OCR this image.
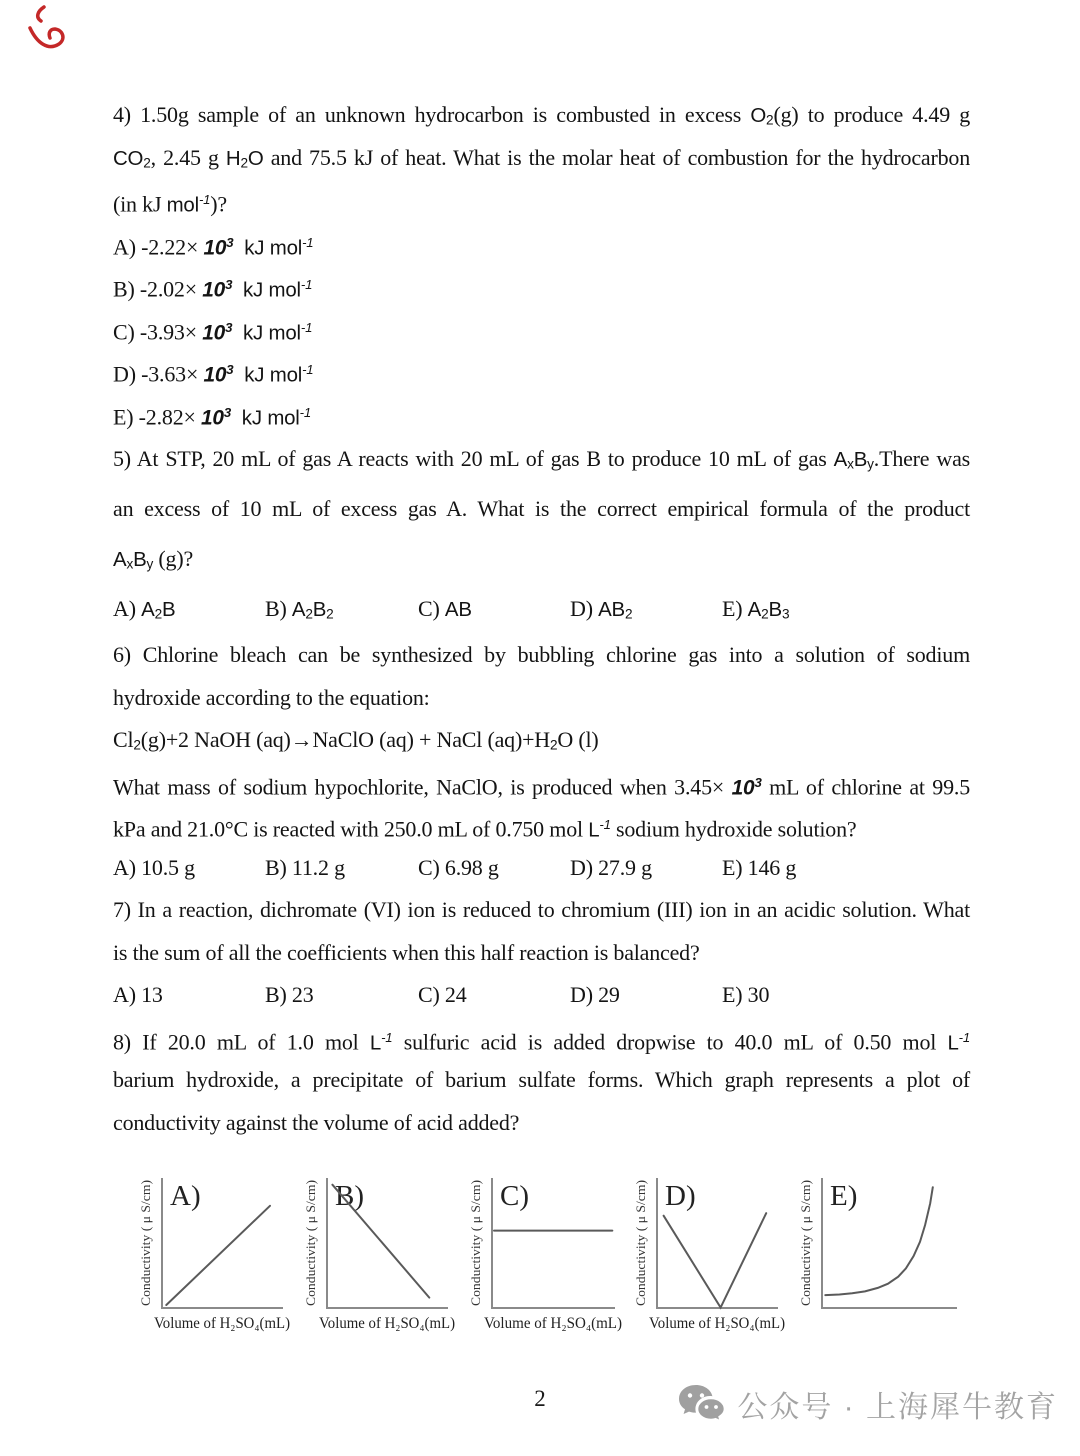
4) 1.50g sample of an unknown hydrocarbon is combusted in excess O2(g) to produce 4.49 g
CO2, 2.45 g H2O and 75.5 kJ of heat. What is the molar heat of combustion for the hydrocarbon
(in kJ mol$^{-1}$)?
A) $-2.22\times 10^3$  kJ mol$^{-1}$
B) $-2.02\times 10^3$  kJ mol$^{-1}$
C) $-3.93\times 10^3$  kJ mol$^{-1}$
D) $-3.63\times 10^3$  kJ mol$^{-1}$
E) $-2.82\times 10^3$  kJ mol$^{-1}$
5) At STP, 20 mL of gas A reacts with 20 mL of gas B to produce 10 mL of gas AxBy.There was
an excess of 10 mL of excess gas A. What is the correct empirical formula of the product
AxBy (g)?
A) A2B	B) A2B2	C) AB	D) AB2	E) A2B3
6) Chlorine bleach can be synthesized by bubbling chlorine gas into a solution of sodium
hydroxide according to the equation:
Cl2(g)+2 NaOH (aq)→NaClO (aq) + NaCl (aq)+H2O (l)
What mass of sodium hypochlorite, NaClO, is produced when $3.45\times 10^3$ mL of chlorine at 99.5
kPa and 21.0°C is reacted with 250.0 mL of 0.750 mol $L^{-1}$ sodium hydroxide solution?
A) 10.5 g	B) 11.2 g	C) 6.98 g	D) 27.9 g	E) 146 g
7) In a reaction, dichromate (VI) ion is reduced to chromium (III) ion in an acidic solution. What
is the sum of all the coefficients when this half reaction is balanced?
A) 13	B) 23	C) 24	D) 29	E) 30
8) If 20.0 mL of 1.0 mol $L^{-1}$ sulfuric acid is added dropwise to 40.0 mL of 0.50 mol $L^{-1}$
barium hydroxide, a precipitate of barium sulfate forms. Which graph represents a plot of
conductivity against the volume of acid added?
Conductivity ( μ S/cm) A)
Volume of H₂SO₄(mL)
Conductivity ( μ S/cm) B)
Volume of H₂SO₄(mL)
Conductivity ( μ S/cm) C)
Volume of H₂SO₄(mL)
Conductivity ( μ S/cm) D)
Volume of H₂SO₄(mL)
Conductivity ( μ S/cm) E)
2	公众号 · 上海犀牛教育
